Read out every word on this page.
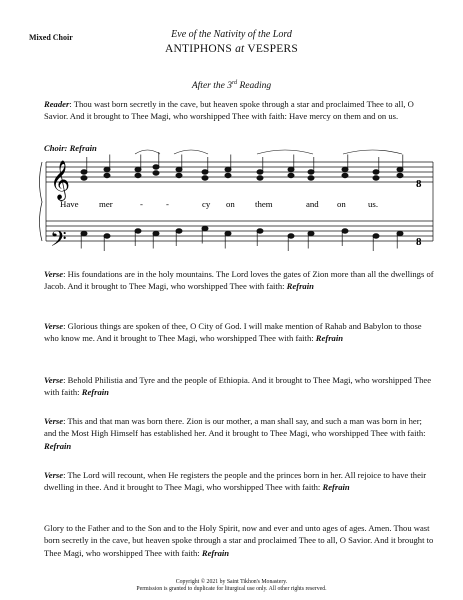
Mixed Choir	Eve of the Nativity of the Lord
ANTIPHONS at VESPERS
After the 3rd Reading
Reader: Thou wast born secretly in the cave, but heaven spoke through a star and proclaimed Thee to all, O Savior. And it brought to Thee Magi, who worshipped Thee with faith: Have mercy on them and on us.
Choir: Refrain
𝄞
𝄢
8
8
Have mer	-	-	cy on them	and on	us.
Verse: His foundations are in the holy mountains. The Lord loves the gates of Zion more than all the dwellings of Jacob. And it brought to Thee Magi, who worshipped Thee with faith: Refrain
Verse: Glorious things are spoken of thee, O City of God. I will make mention of Rahab and Babylon to those who know me. And it brought to Thee Magi, who worshipped Thee with faith: Refrain
Verse: Behold Philistia and Tyre and the people of Ethiopia. And it brought to Thee Magi, who worshipped Thee with faith: Refrain
Verse: This and that man was born there. Zion is our mother, a man shall say, and such a man was born in her; and the Most High Himself has established her. And it brought to Thee Magi, who worshipped Thee with faith: Refrain
Verse: The Lord will recount, when He registers the people and the princes born in her. All rejoice to have their dwelling in thee. And it brought to Thee Magi, who worshipped Thee with faith: Refrain
Glory to the Father and to the Son and to the Holy Spirit, now and ever and unto ages of ages. Amen. Thou wast born secretly in the cave, but heaven spoke through a star and proclaimed Thee to all, O Savior. And it brought to Thee Magi, who worshipped Thee with faith: Refrain
Copyright © 2021 by Saint Tikhon's Monastery.
Permission is granted to duplicate for liturgical use only. All other rights reserved.
